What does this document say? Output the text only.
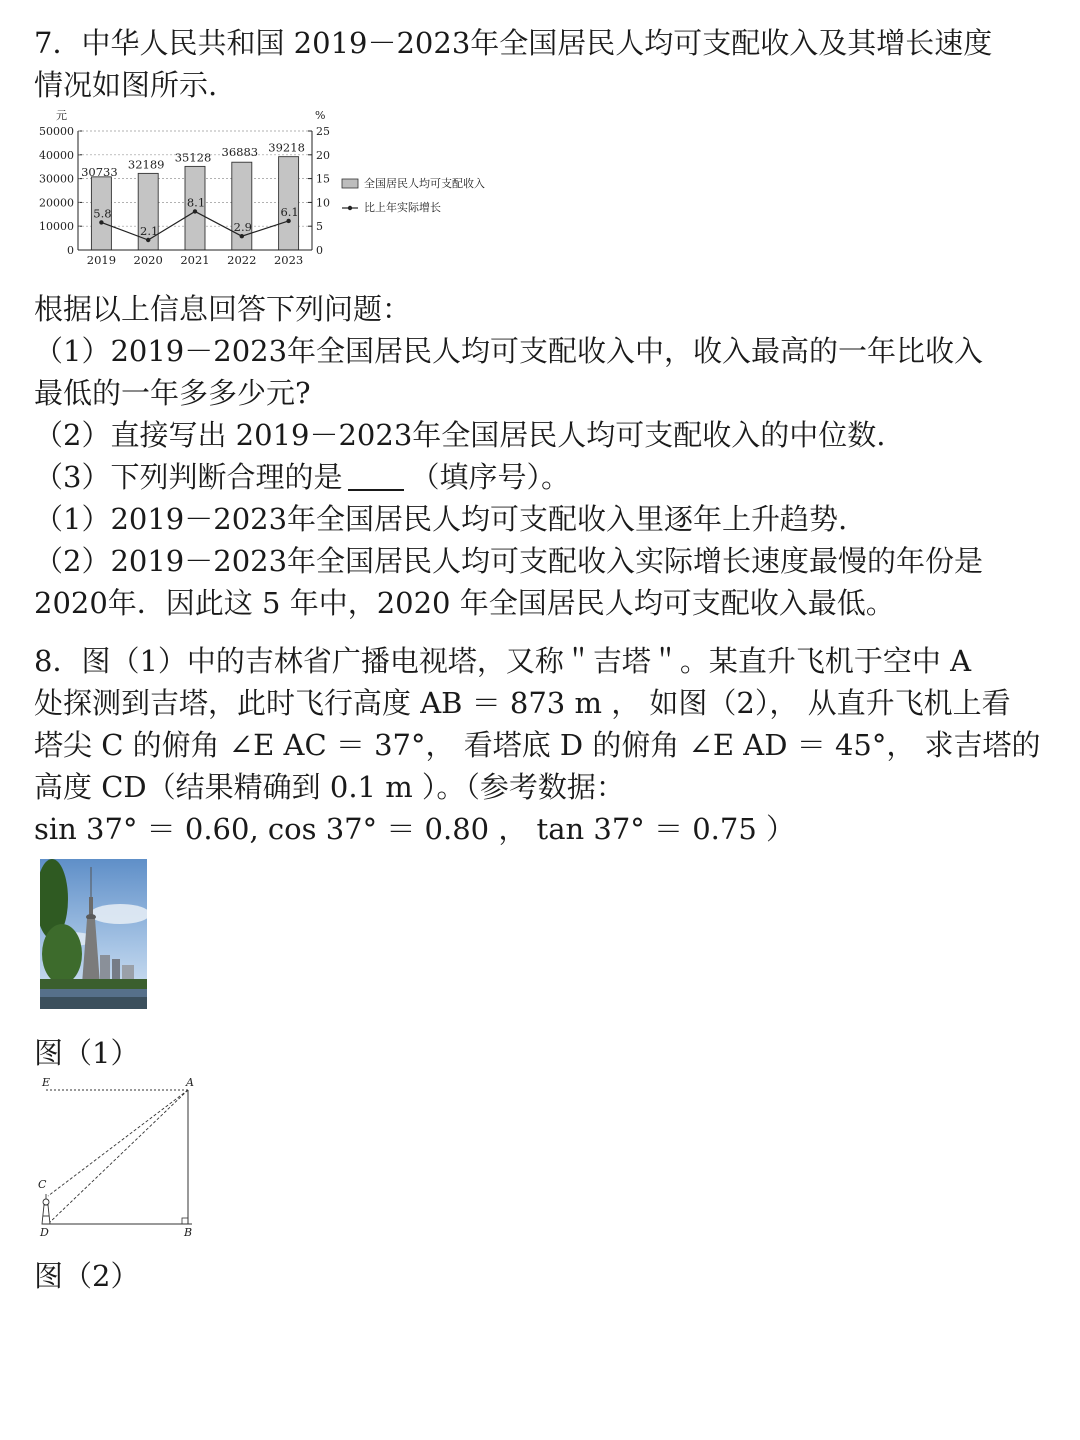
7．中华人民共和国 2019－2023年全国居民人均可支配收入及其增长速度
情况如图所示.
元	%
50000
40000
30000
20000
10000
0
25
20
15
10
5
0
30733
32189 35128 36883 39218
5.8
2.1
8.1
2.9
6.1
2019 2020 2021 2022 2023
全国居民人均可支配收入
比上年实际增长
根据以上信息回答下列问题：
（1）2019－2023年全国居民人均可支配收入中，收入最高的一年比收入
最低的一年多多少元?
（2）直接写出 2019－2023年全国居民人均可支配收入的中位数.
（3）下列判断合理的是 （填序号）。
（1）2019－2023年全国居民人均可支配收入里逐年上升趋势.
（2）2019－2023年全国居民人均可支配收入实际增长速度最慢的年份是
2020年．因此这 5 年中，2020 年全国居民人均可支配收入最低。
8．图（1）中的吉林省广播电视塔，又称＂吉塔＂。某直升飞机于空中 A
处探测到吉塔，此时飞行高度 AB ＝ 873 m ， 如图（2）， 从直升飞机上看
塔尖 C 的俯角 ∠E AC ＝ 37°， 看塔底 D 的俯角 ∠E AD ＝ 45°， 求吉塔的
高度 CD（结果精确到 0.1 m ）。（参考数据：
sin 37° ＝ 0.60, cos 37° ＝ 0.80 ， tan 37° ＝ 0.75 ）
图（1）
E	A
C
D	B
图（2）
